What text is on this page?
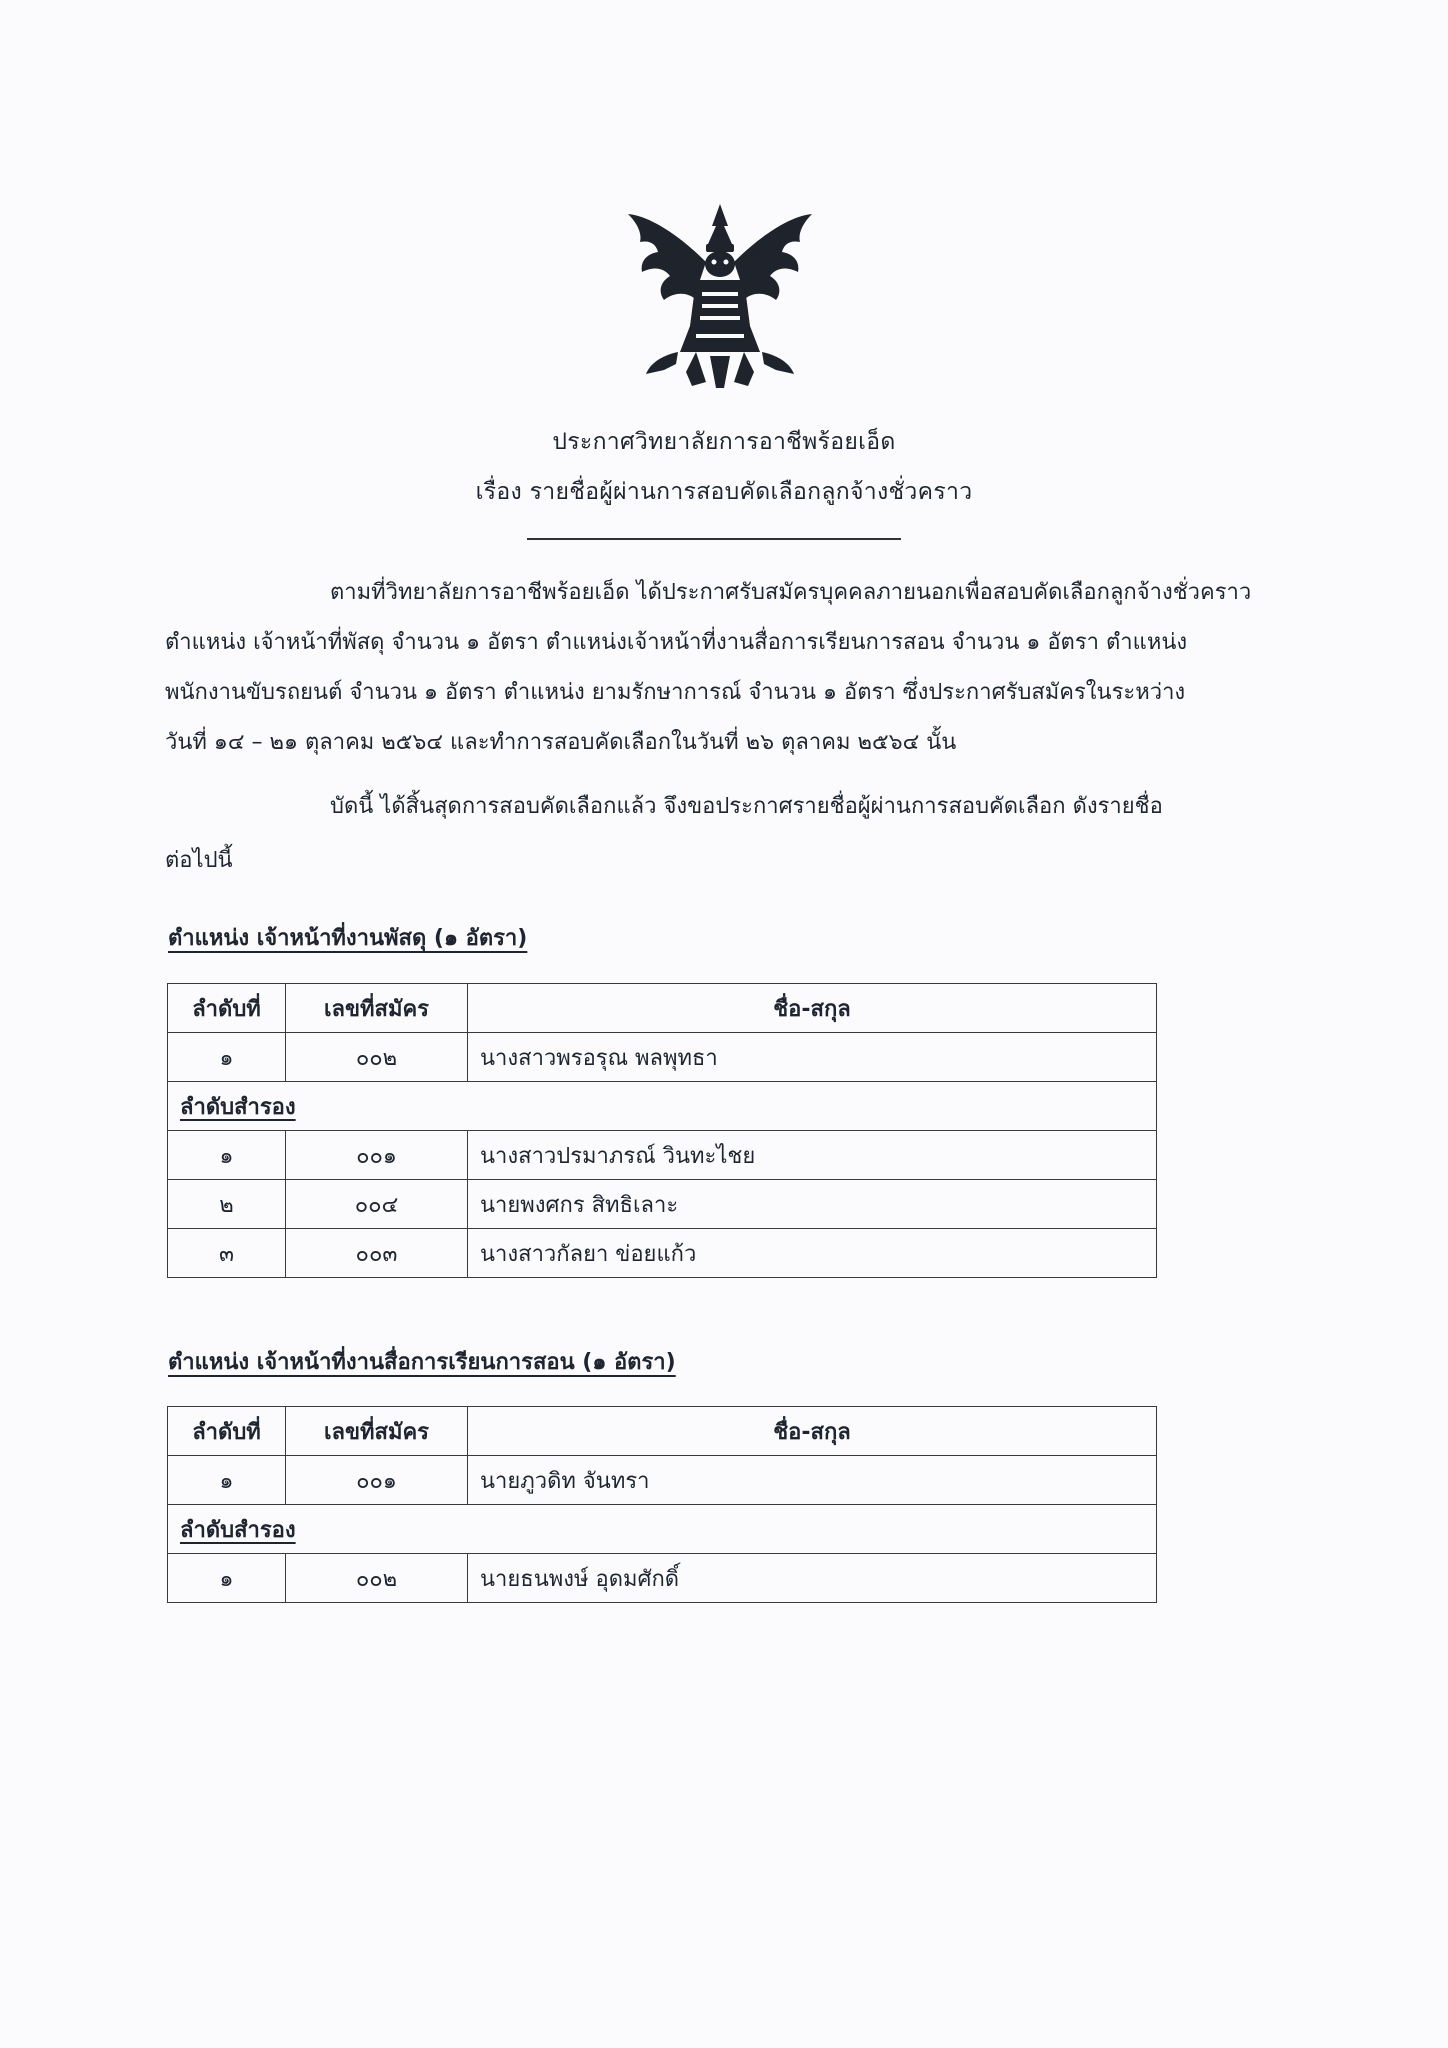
ประกาศวิทยาลัยการอาชีพร้อยเอ็ด
เรื่อง รายชื่อผู้ผ่านการสอบคัดเลือกลูกจ้างชั่วคราว
ตามที่วิทยาลัยการอาชีพร้อยเอ็ด ได้ประกาศรับสมัครบุคคลภายนอกเพื่อสอบคัดเลือกลูกจ้างชั่วคราว
ตำแหน่ง เจ้าหน้าที่พัสดุ จำนวน ๑ อัตรา ตำแหน่งเจ้าหน้าที่งานสื่อการเรียนการสอน จำนวน ๑ อัตรา ตำแหน่ง
พนักงานขับรถยนต์ จำนวน ๑ อัตรา ตำแหน่ง ยามรักษาการณ์ จำนวน ๑ อัตรา ซึ่งประกาศรับสมัครในระหว่าง
วันที่ ๑๔ – ๒๑ ตุลาคม ๒๕๖๔ และทำการสอบคัดเลือกในวันที่ ๒๖ ตุลาคม ๒๕๖๔ นั้น
บัดนี้ ได้สิ้นสุดการสอบคัดเลือกแล้ว จึงขอประกาศรายชื่อผู้ผ่านการสอบคัดเลือก ดังรายชื่อ
ต่อไปนี้
ตำแหน่ง เจ้าหน้าที่งานพัสดุ (๑ อัตรา)
ลำดับที่	เลขที่สมัคร	ชื่อ-สกุล
๑	๐๐๒	นางสาวพรอรุณ พลพุทธา
ลำดับสำรอง		
๑	๐๐๑	นางสาวปรมาภรณ์ วินทะไชย
๒	๐๐๔	นายพงศกร สิทธิเลาะ
๓	๐๐๓	นางสาวกัลยา ข่อยแก้ว
ตำแหน่ง เจ้าหน้าที่งานสื่อการเรียนการสอน (๑ อัตรา)
ลำดับที่	เลขที่สมัคร	ชื่อ-สกุล
๑	๐๐๑	นายภูวดิท จันทรา
ลำดับสำรอง		
๑	๐๐๒	นายธนพงษ์ อุดมศักดิ์
